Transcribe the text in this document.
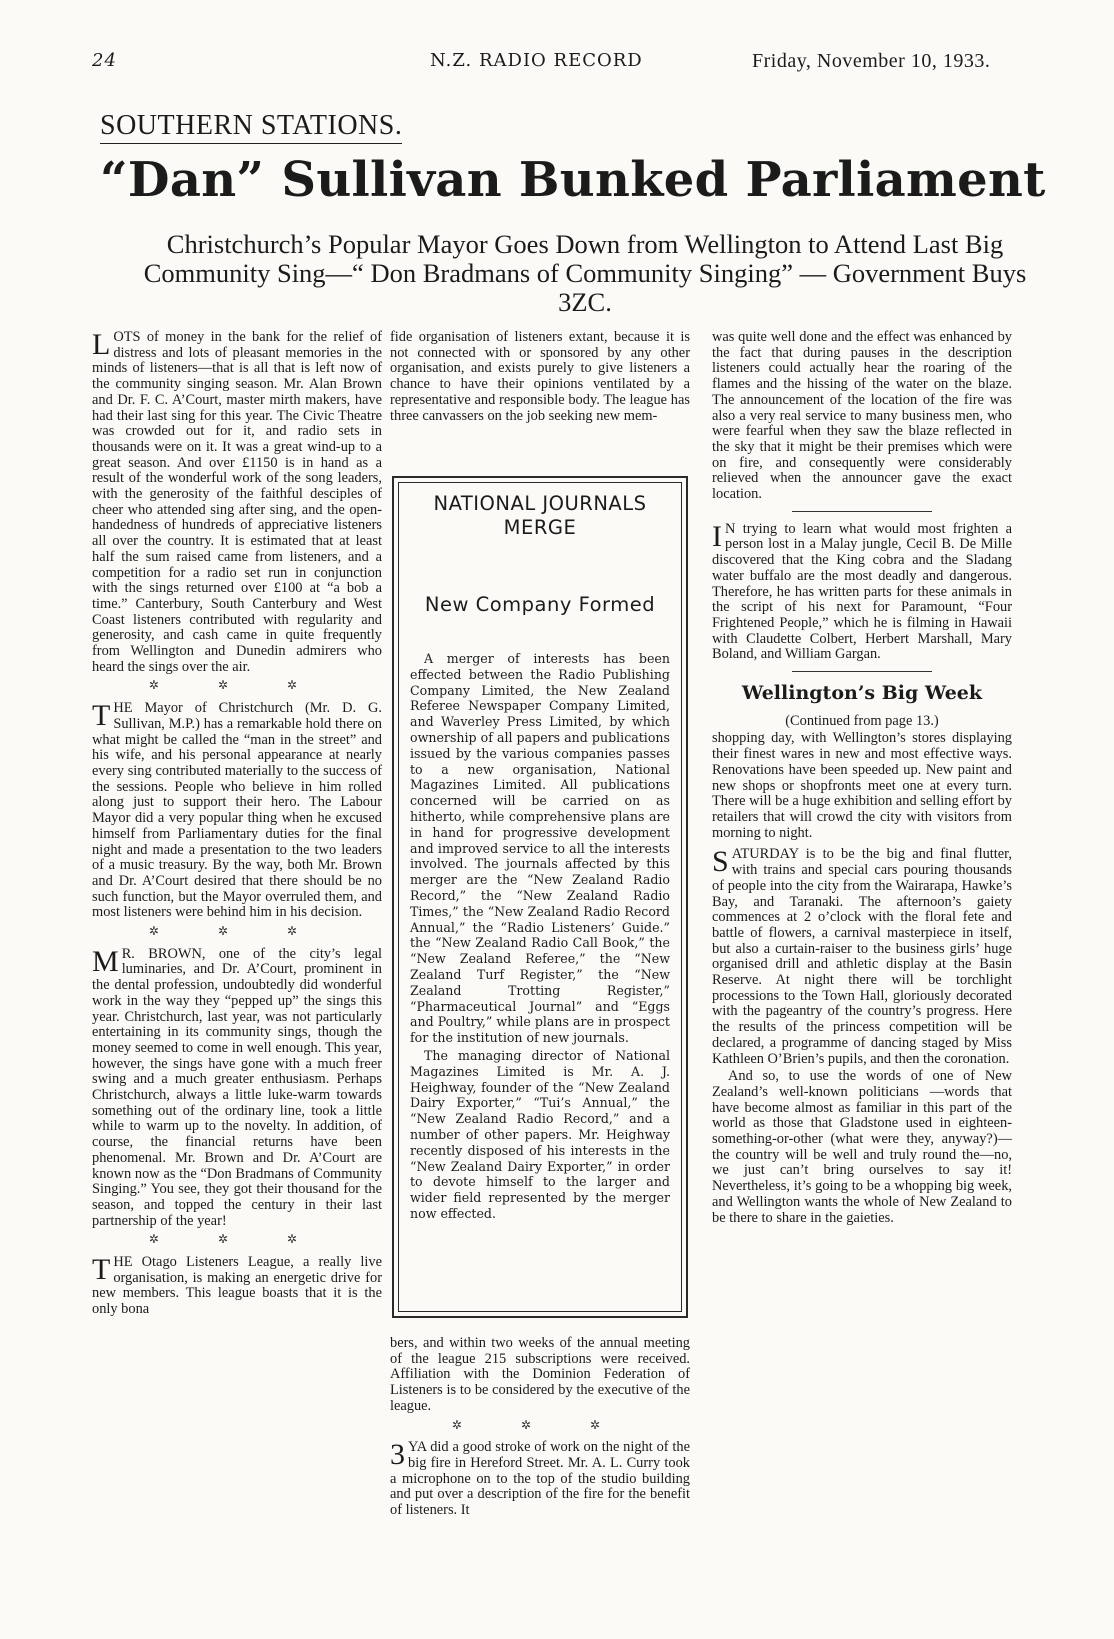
24	N.Z. RADIO RECORD	Friday, November 10, 1933.
SOUTHERN STATIONS.
“Dan” Sullivan Bunked Parliament
Christchurch’s Popular Mayor Goes Down from Wellington to Attend Last Big Community Sing—“ Don Bradmans of Community Singing” — Government Buys 3ZC.

LOTS of money in the bank for the relief of distress and lots of pleasant memories in the minds of listeners—that is all that is left now of the community singing season. Mr. Alan Brown and Dr. F. C. A’Court, master mirth makers, have had their last sing for this year. The Civic Theatre was crowded out for it, and radio sets in thousands were on it. It was a great wind-up to a great season. And over £1150 is in hand as a result of the wonderful work of the song leaders, with the generosity of the faithful desciples of cheer who attended sing after sing, and the open-handedness of hundreds of appreciative listeners all over the country. It is estimated that at least half the sum raised came from listeners, and a competition for a radio set run in conjunction with the sings returned over £100 at “a bob a time.” Canterbury, South Canterbury and West Coast listeners contributed with regularity and generosity, and cash came in quite frequently from Wellington and Dunedin admirers who heard the sings over the air.

✲ ✲ ✲

THE Mayor of Christchurch (Mr. D. G. Sullivan, M.P.) has a remarkable hold there on what might be called the “man in the street” and his wife, and his personal appearance at nearly every sing contributed materially to the success of the sessions. People who believe in him rolled along just to support their hero. The Labour Mayor did a very popular thing when he excused himself from Parliamentary duties for the final night and made a presentation to the two leaders of a music treasury. By the way, both Mr. Brown and Dr. A’Court desired that there should be no such function, but the Mayor overruled them, and most listeners were behind him in his decision.

✲ ✲ ✲

M R. BROWN, one of the city’s legal luminaries, and Dr. A’Court, prominent in the dental profession, undoubtedly did wonderful work in the way they “pepped up” the sings this year. Christchurch, last year, was not particularly entertaining in its community sings, though the money seemed to come in well enough. This year, however, the sings have gone with a much freer swing and a much greater enthusiasm. Perhaps Christchurch, always a little luke-warm towards something out of the ordinary line, took a little while to warm up to the novelty. In addition, of course, the financial returns have been phenomenal. Mr. Brown and Dr. A’Court are known now as the “Don Bradmans of Community Singing.” You see, they got their thousand for the season, and topped the century in their last partnership of the year!

✲ ✲ ✲

THE Otago Listeners League, a really live organisation, is making an energetic drive for new members. This league boasts that it is the only bona

fide organisation of listeners extant, because it is not connected with or sponsored by any other organisation, and exists purely to give listeners a chance to have their opinions ventilated by a representative and responsible body. The league has three canvassers on the job seeking new mem-

NATIONAL JOURNALS MERGE
New Company Formed

A merger of interests has been effected between the Radio Publishing Company Limited, the New Zealand Referee Newspaper Company Limited, and Waverley Press Limited, by which ownership of all papers and publications issued by the various companies passes to a new organisation, National Magazines Limited. All publications concerned will be carried on as hitherto, while comprehensive plans are in hand for progressive development and improved service to all the interests involved. The journals affected by this merger are the “New Zealand Radio Record,” the “New Zealand Radio Times,” the “New Zealand Radio Record Annual,” the “Radio Listeners’ Guide.” the “New Zealand Radio Call Book,” the “New Zealand Referee,” the “New Zealand Turf Register,” the “New Zealand Trotting Register,” “Pharmaceutical Journal” and “Eggs and Poultry,” while plans are in prospect for the institution of new journals.

The managing director of National Magazines Limited is Mr. A. J. Heighway, founder of the “New Zealand Dairy Exporter,” “Tui’s Annual,” the “New Zealand Radio Record,” and a number of other papers. Mr. Heighway recently disposed of his interests in the “New Zealand Dairy Exporter,” in order to devote himself to the larger and wider field represented by the merger now effected.

bers, and within two weeks of the annual meeting of the league 215 subscriptions were received. Affiliation with the Dominion Federation of Listeners is to be considered by the executive of the league.

✲ ✲ ✲

3 YA did a good stroke of work on the night of the big fire in Hereford Street. Mr. A. L. Curry took a microphone on to the top of the studio building and put over a description of the fire for the benefit of listeners. It

was quite well done and the effect was enhanced by the fact that during pauses in the description listeners could actually hear the roaring of the flames and the hissing of the water on the blaze. The announcement of the location of the fire was also a very real service to many business men, who were fearful when they saw the blaze reflected in the sky that it might be their premises which were on fire, and consequently were considerably relieved when the announcer gave the exact location.

I N trying to learn what would most frighten a person lost in a Malay jungle, Cecil B. De Mille discovered that the King cobra and the Sladang water buffalo are the most deadly and dangerous. Therefore, he has written parts for these animals in the script of his next for Paramount, “Four Frightened People,” which he is filming in Hawaii with Claudette Colbert, Herbert Marshall, Mary Boland, and William Gargan.

Wellington’s Big Week
(Continued from page 13.)

shopping day, with Wellington’s stores displaying their finest wares in new and most effective ways. Renovations have been speeded up. New paint and new shops or shopfronts meet one at every turn. There will be a huge exhibition and selling effort by retailers that will crowd the city with visitors from morning to night.

SATURDAY is to be the big and final flutter, with trains and special cars pouring thousands of people into the city from the Wairarapa, Hawke’s Bay, and Taranaki. The afternoon’s gaiety commences at 2 o’clock with the floral fete and battle of flowers, a carnival masterpiece in itself, but also a curtain-raiser to the business girls’ huge organised drill and athletic display at the Basin Reserve. At night there will be torchlight processions to the Town Hall, gloriously decorated with the pageantry of the country’s progress. Here the results of the princess competition will be declared, a programme of dancing staged by Miss Kathleen O’Brien’s pupils, and then the coronation.

And so, to use the words of one of New Zealand’s well-known politicians —words that have become almost as familiar in this part of the world as those that Gladstone used in eighteen-something-or-other (what were they, anyway?)—the country will be well and truly round the—no, we just can’t bring ourselves to say it! Nevertheless, it’s going to be a whopping big week, and Wellington wants the whole of New Zealand to be there to share in the gaieties.
